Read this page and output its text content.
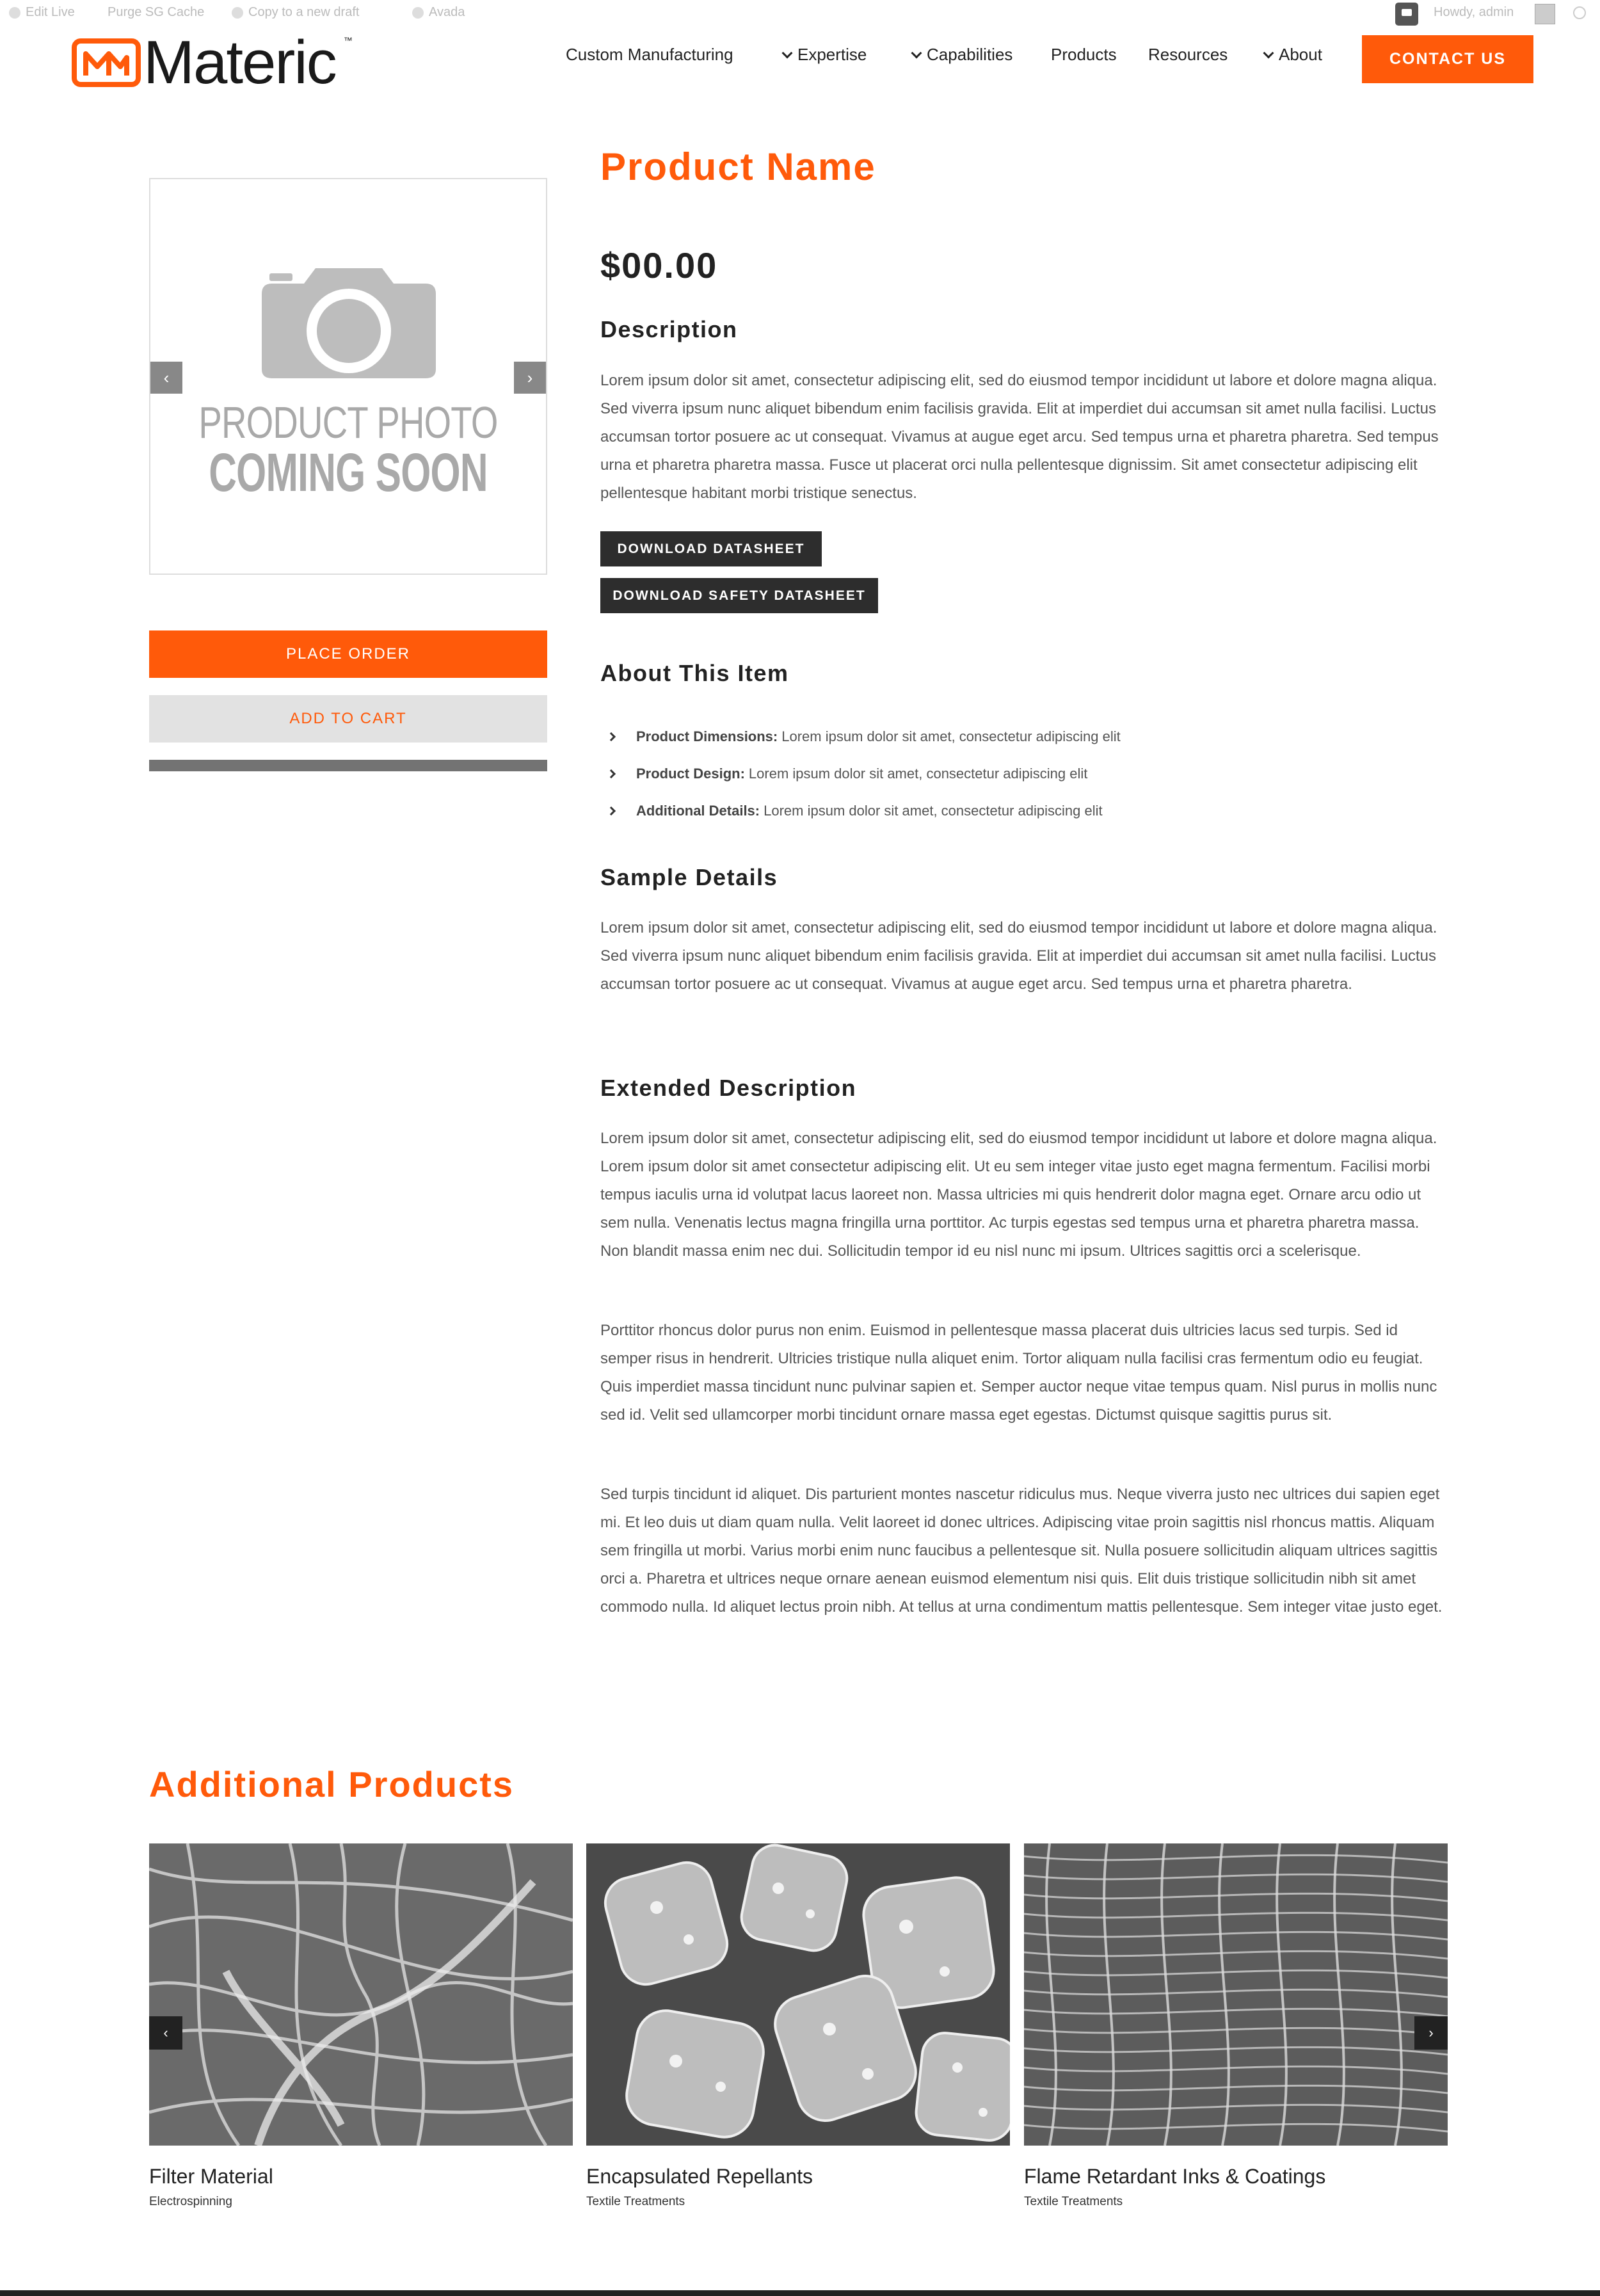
Edit Live	Purge SG Cache	Copy to a new draft	Avada	Howdy, admin
Materic ™
Custom Manufacturing	Expertise	Capabilities Products Resources	About	CONTACT US
PRODUCT PHOTO
COMING SOON
‹	›
PLACE ORDER
ADD TO CART
Product Name
$00.00
Description

Lorem ipsum dolor sit amet, consectetur adipiscing elit, sed do eiusmod tempor incididunt ut labore et dolore magna aliqua. Sed viverra ipsum nunc aliquet bibendum enim facilisis gravida. Elit at imperdiet dui accumsan sit amet nulla facilisi. Luctus accumsan tortor posuere ac ut consequat. Vivamus at augue eget arcu. Sed tempus urna et pharetra pharetra. Sed tempus urna et pharetra pharetra massa. Fusce ut placerat orci nulla pellentesque dignissim. Sit amet consectetur adipiscing elit pellentesque habitant morbi tristique senectus.

DOWNLOAD DATASHEET
DOWNLOAD SAFETY DATASHEET
About This Item
Product Dimensions: Lorem ipsum dolor sit amet, consectetur adipiscing elit
Product Design: Lorem ipsum dolor sit amet, consectetur adipiscing elit
Additional Details: Lorem ipsum dolor sit amet, consectetur adipiscing elit
Sample Details

Lorem ipsum dolor sit amet, consectetur adipiscing elit, sed do eiusmod tempor incididunt ut labore et dolore magna aliqua. Sed viverra ipsum nunc aliquet bibendum enim facilisis gravida. Elit at imperdiet dui accumsan sit amet nulla facilisi. Luctus accumsan tortor posuere ac ut consequat. Vivamus at augue eget arcu. Sed tempus urna et pharetra pharetra.

Extended Description

Lorem ipsum dolor sit amet, consectetur adipiscing elit, sed do eiusmod tempor incididunt ut labore et dolore magna aliqua. Lorem ipsum dolor sit amet consectetur adipiscing elit. Ut eu sem integer vitae justo eget magna fermentum. Facilisi morbi tempus iaculis urna id volutpat lacus laoreet non. Massa ultricies mi quis hendrerit dolor magna eget. Ornare arcu odio ut sem nulla. Venenatis lectus magna fringilla urna porttitor. Ac turpis egestas sed tempus urna et pharetra pharetra massa. Non blandit massa enim nec dui. Sollicitudin tempor id eu nisl nunc mi ipsum. Ultrices sagittis orci a scelerisque.

Porttitor rhoncus dolor purus non enim. Euismod in pellentesque massa placerat duis ultricies lacus sed turpis. Sed id semper risus in hendrerit. Ultricies tristique nulla aliquet enim. Tortor aliquam nulla facilisi cras fermentum odio eu feugiat. Quis imperdiet massa tincidunt nunc pulvinar sapien et. Semper auctor neque vitae tempus quam. Nisl purus in mollis nunc sed id. Velit sed ullamcorper morbi tincidunt ornare massa eget egestas. Dictumst quisque sagittis purus sit.

Sed turpis tincidunt id aliquet. Dis parturient montes nascetur ridiculus mus. Neque viverra justo nec ultrices dui sapien eget mi. Et leo duis ut diam quam nulla. Velit laoreet id donec ultrices. Adipiscing vitae proin sagittis nisl rhoncus mattis. Aliquam sem fringilla ut morbi. Varius morbi enim nunc faucibus a pellentesque sit. Nulla posuere sollicitudin aliquam ultrices sagittis orci a. Pharetra et ultrices neque ornare aenean euismod elementum nisi quis. Elit duis tristique sollicitudin nibh sit amet commodo nulla. Id aliquet lectus proin nibh. At tellus at urna condimentum mattis pellentesque. Sem integer vitae justo eget.

Additional Products
Filter Material
Electrospinning
Encapsulated Repellants
Textile Treatments
Flame Retardant Inks & Coatings
Textile Treatments
‹	›
